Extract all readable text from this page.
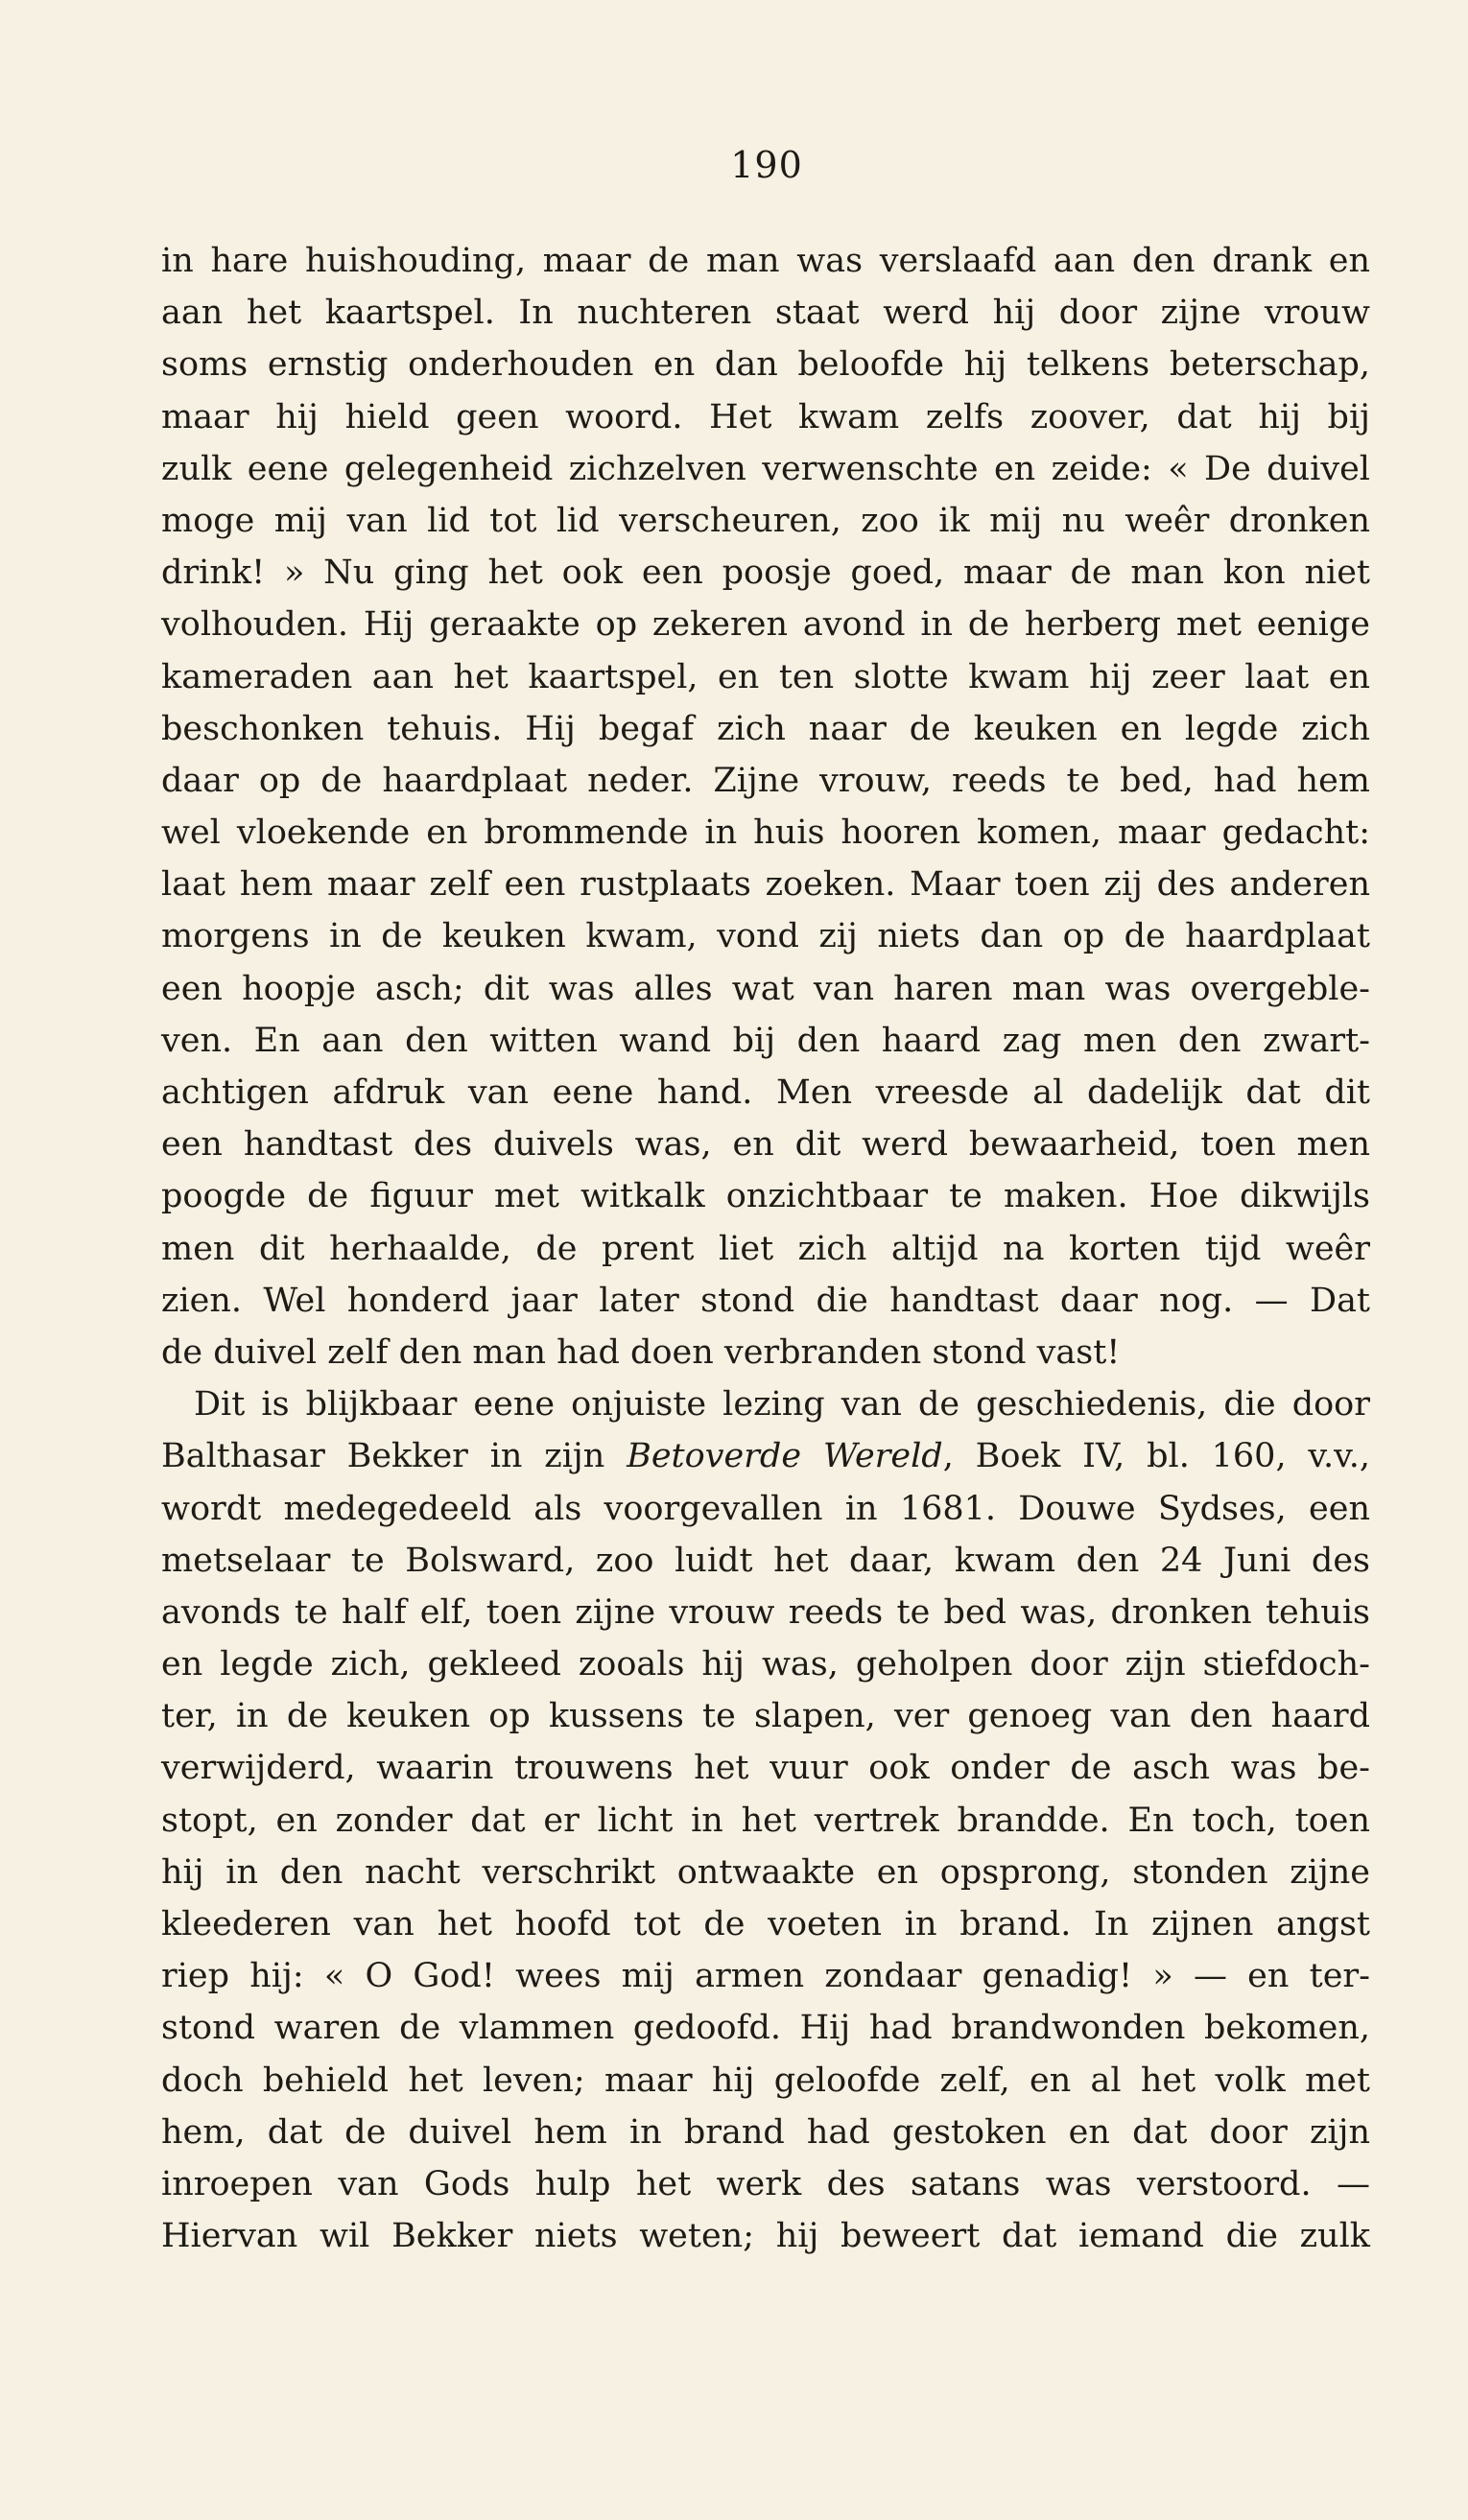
190
in hare huishouding, maar de man was verslaafd aan den drank en
aan het kaartspel. In nuchteren staat werd hij door zijne vrouw
soms ernstig onderhouden en dan beloofde hij telkens beterschap,
maar hij hield geen woord. Het kwam zelfs zoover, dat hij bij
zulk eene gelegenheid zichzelven verwenschte en zeide: « De duivel
moge mij van lid tot lid verscheuren, zoo ik mij nu weêr dronken
drink! » Nu ging het ook een poosje goed, maar de man kon niet
volhouden. Hij geraakte op zekeren avond in de herberg met eenige
kameraden aan het kaartspel, en ten slotte kwam hij zeer laat en
beschonken tehuis. Hij begaf zich naar de keuken en legde zich
daar op de haardplaat neder. Zijne vrouw, reeds te bed, had hem
wel vloekende en brommende in huis hooren komen, maar gedacht:
laat hem maar zelf een rustplaats zoeken. Maar toen zij des anderen
morgens in de keuken kwam, vond zij niets dan op de haardplaat
een hoopje asch; dit was alles wat van haren man was overgeble-
ven. En aan den witten wand bij den haard zag men den zwart-
achtigen afdruk van eene hand. Men vreesde al dadelijk dat dit
een handtast des duivels was, en dit werd bewaarheid, toen men
poogde de figuur met witkalk onzichtbaar te maken. Hoe dikwijls
men dit herhaalde, de prent liet zich altijd na korten tijd weêr
zien. Wel honderd jaar later stond die handtast daar nog. — Dat
de duivel zelf den man had doen verbranden stond vast!
Dit is blijkbaar eene onjuiste lezing van de geschiedenis, die door
Balthasar Bekker in zijn Betoverde Wereld, Boek IV, bl. 160, v.v.,
wordt medegedeeld als voorgevallen in 1681. Douwe Sydses, een
metselaar te Bolsward, zoo luidt het daar, kwam den 24 Juni des
avonds te half elf, toen zijne vrouw reeds te bed was, dronken tehuis
en legde zich, gekleed zooals hij was, geholpen door zijn stiefdoch-
ter, in de keuken op kussens te slapen, ver genoeg van den haard
verwijderd, waarin trouwens het vuur ook onder de asch was be-
stopt, en zonder dat er licht in het vertrek brandde. En toch, toen
hij in den nacht verschrikt ontwaakte en opsprong, stonden zijne
kleederen van het hoofd tot de voeten in brand. In zijnen angst
riep hij: « O God! wees mij armen zondaar genadig! » — en ter-
stond waren de vlammen gedoofd. Hij had brandwonden bekomen,
doch behield het leven; maar hij geloofde zelf, en al het volk met
hem, dat de duivel hem in brand had gestoken en dat door zijn
inroepen van Gods hulp het werk des satans was verstoord. —
Hiervan wil Bekker niets weten; hij beweert dat iemand die zulk
